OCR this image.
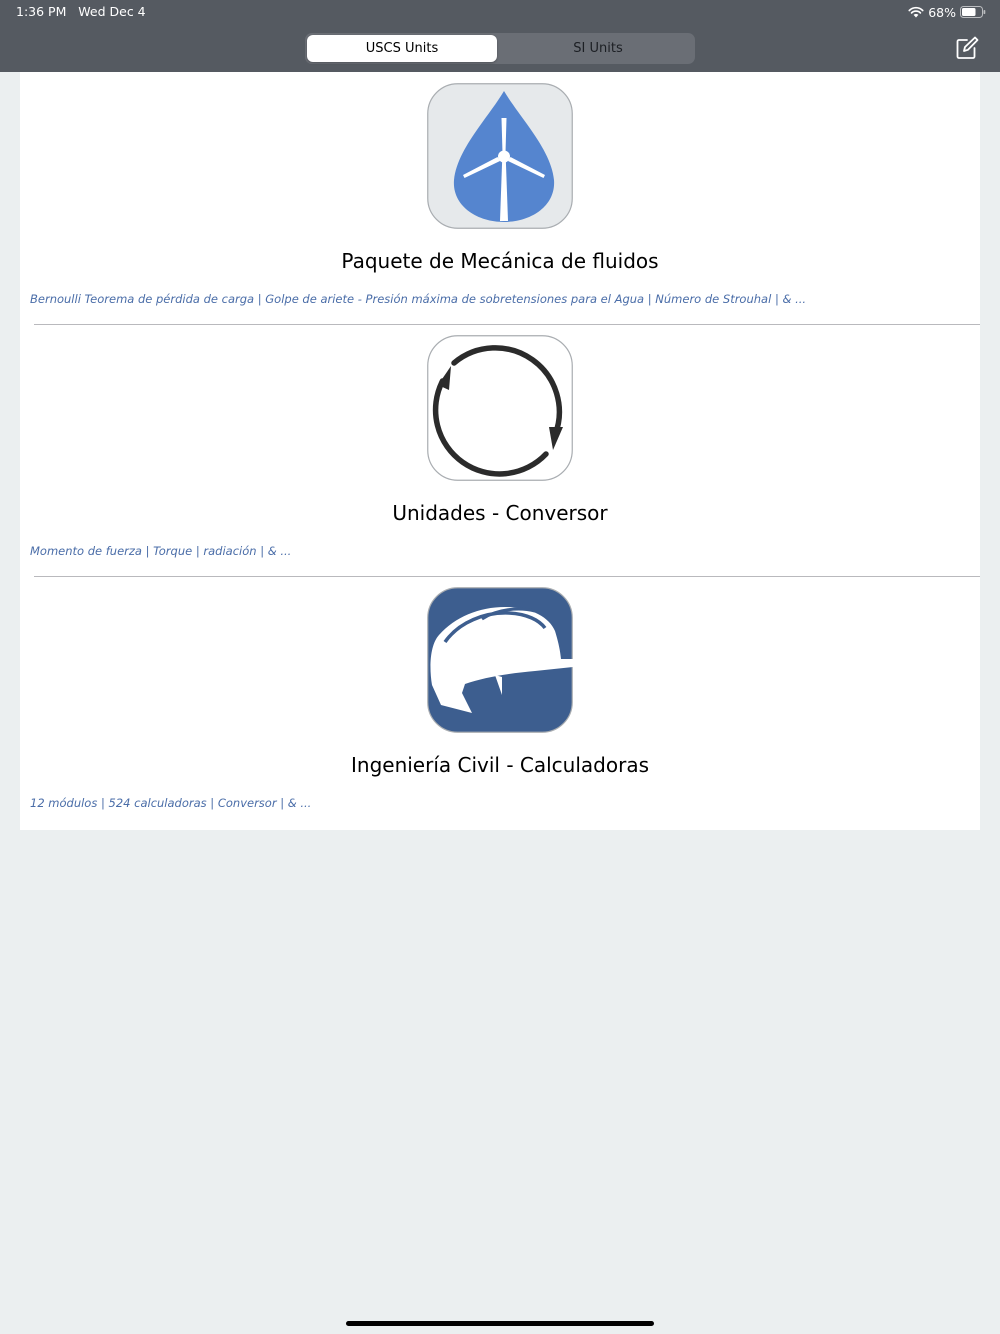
1:36 PM   Wed Dec 4	68%
USCS Units	SI Units
Paquete de Mecánica de fluidos
Bernoulli Teorema de pérdida de carga | Golpe de ariete - Presión máxima de sobretensiones para el Agua | Número de Strouhal | & ...
Unidades - Conversor
Momento de fuerza | Torque | radiación | & ...
Ingeniería Civil - Calculadoras
12 módulos | 524 calculadoras | Conversor | & ...
